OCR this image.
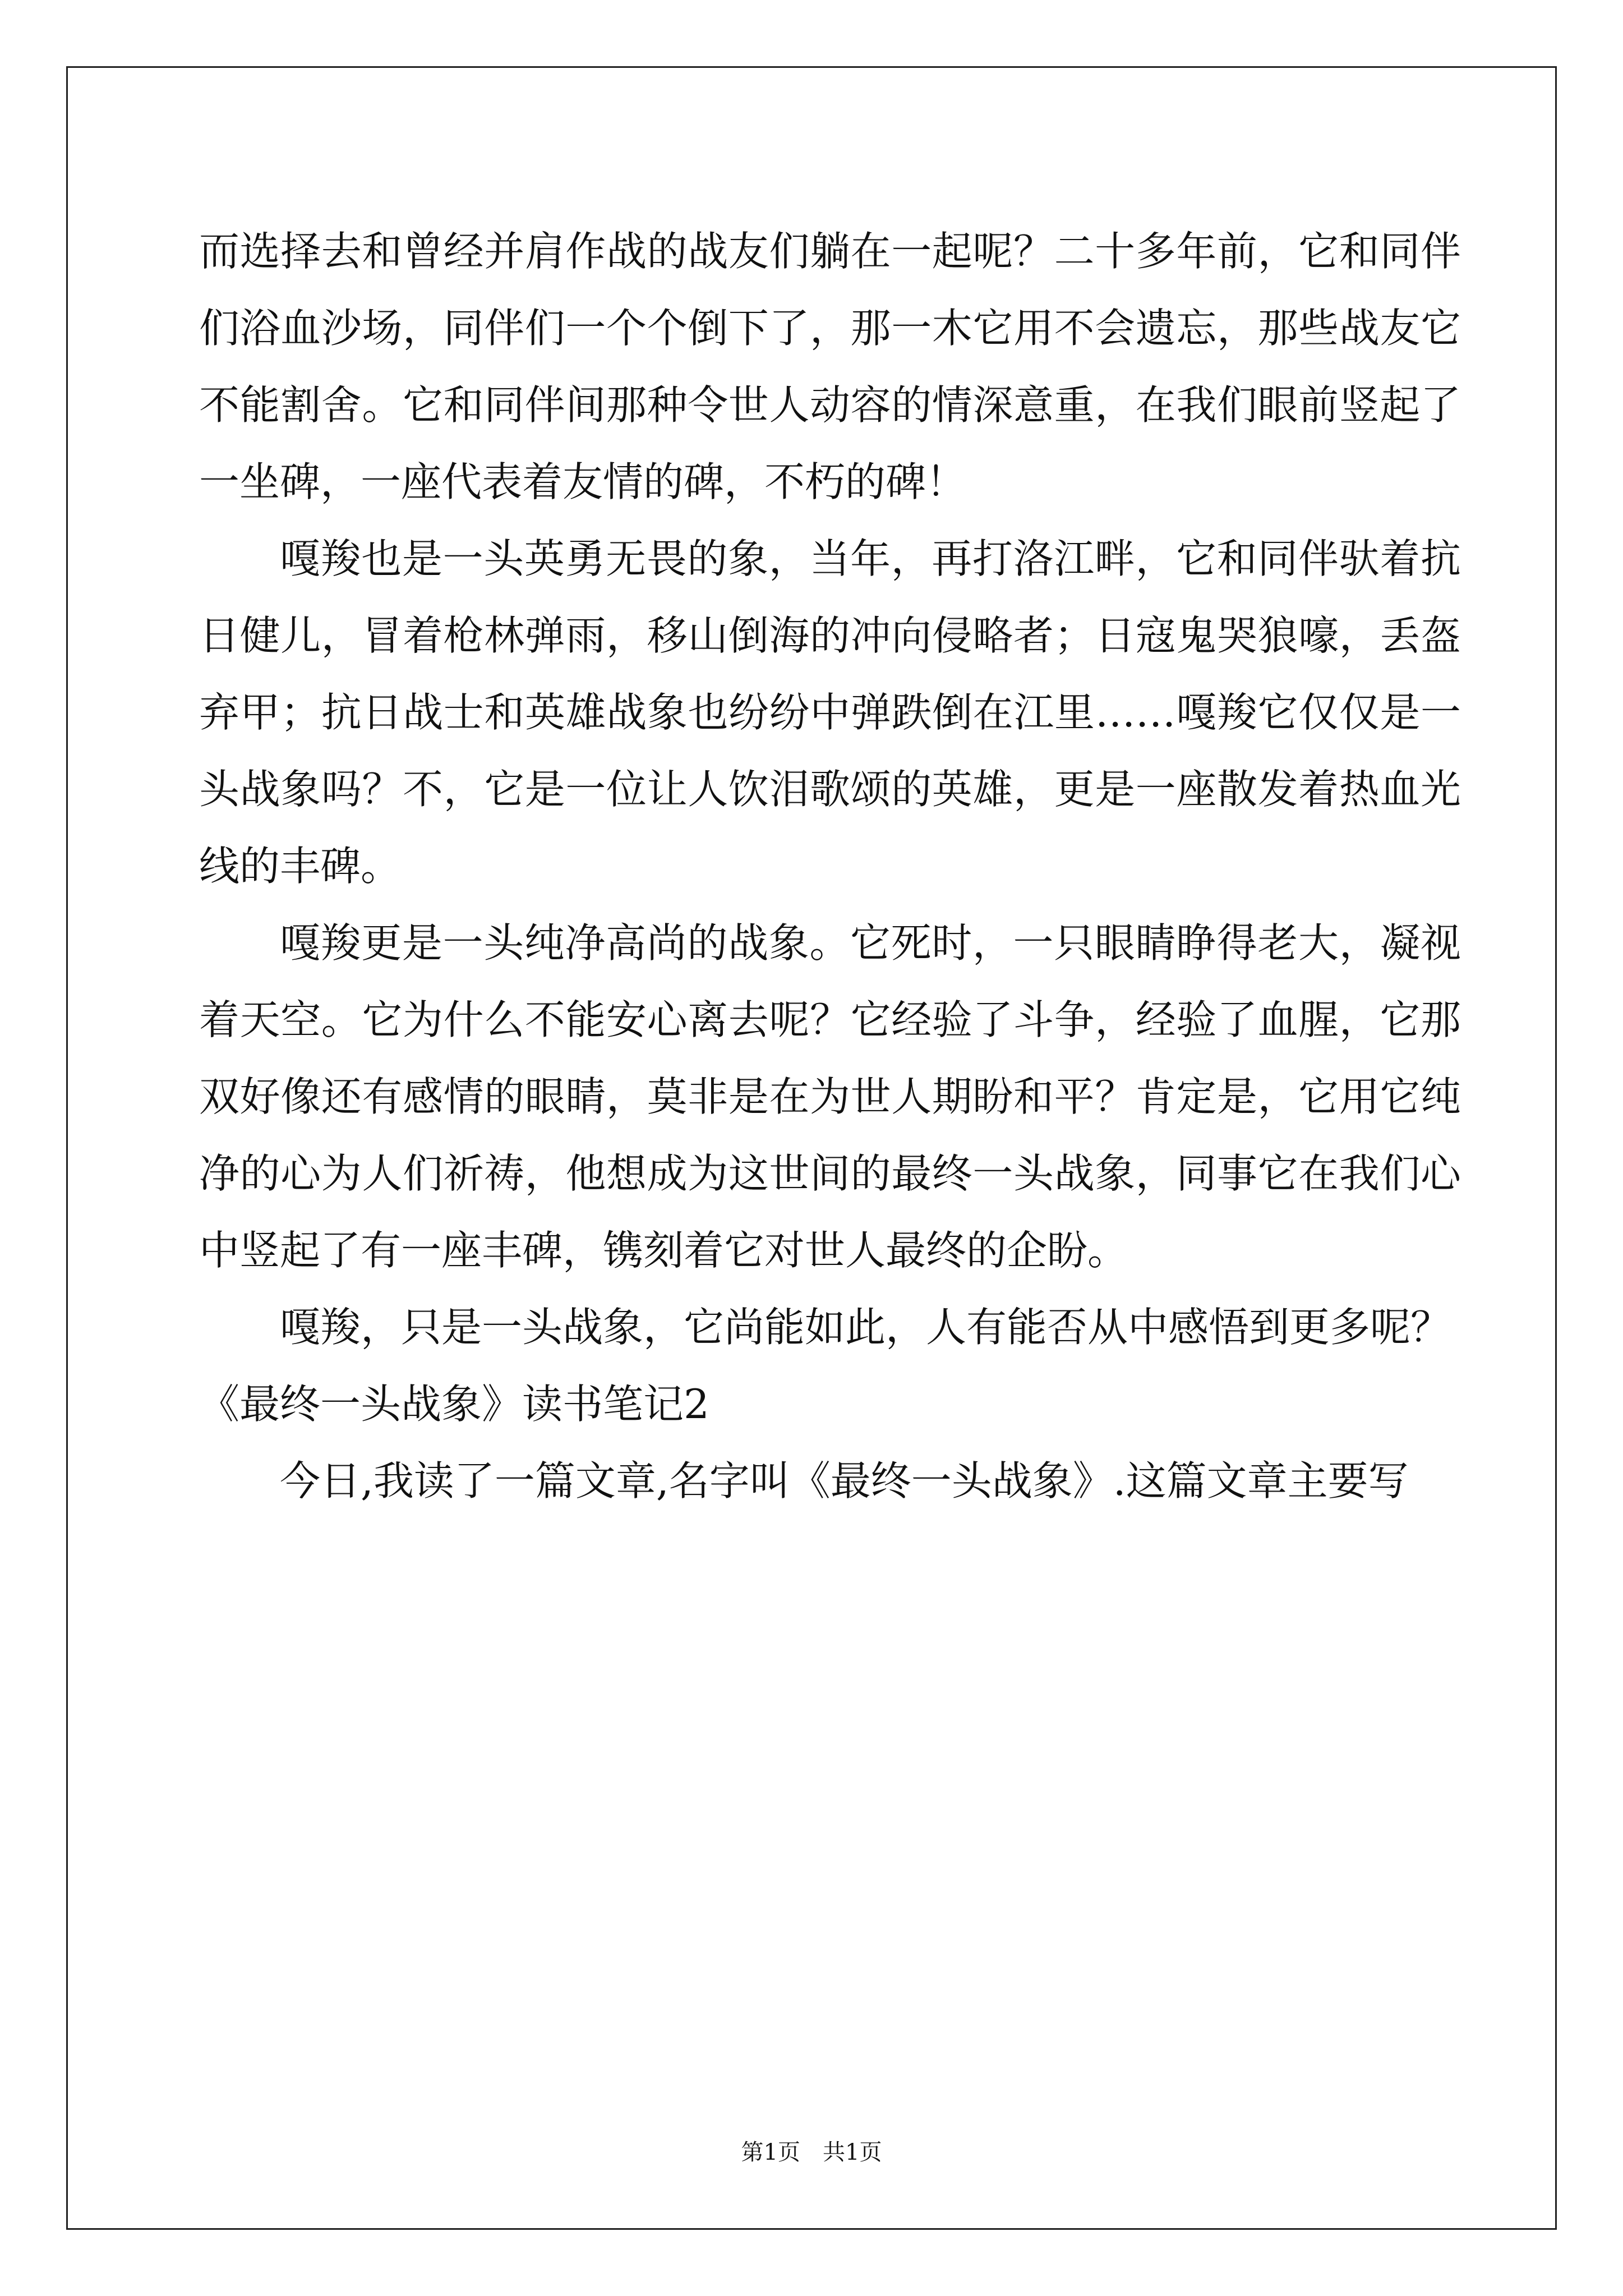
而选择去和曾经并肩作战的战友们躺在一起呢？二十多年前，它和同伴们浴血沙场，同伴们一个个倒下了，那一木它用不会遗忘，那些战友它不能割舍。它和同伴间那种令世人动容的情深意重，在我们眼前竖起了一坐碑，一座代表着友情的碑，不朽的碑！

嘎羧也是一头英勇无畏的象，当年，再打洛江畔，它和同伴驮着抗日健儿，冒着枪林弹雨，移山倒海的冲向侵略者；日寇鬼哭狼嚎，丢盔弃甲；抗日战士和英雄战象也纷纷中弹跌倒在江里……嘎羧它仅仅是一头战象吗？不，它是一位让人饮泪歌颂的英雄，更是一座散发着热血光线的丰碑。

嘎羧更是一头纯净高尚的战象。它死时，一只眼睛睁得老大，凝视着天空。它为什么不能安心离去呢？它经验了斗争，经验了血腥，它那双好像还有感情的眼睛，莫非是在为世人期盼和平？肯定是，它用它纯净的心为人们祈祷，他想成为这世间的最终一头战象，同事它在我们心中竖起了有一座丰碑，镌刻着它对世人最终的企盼。

嘎羧，只是一头战象，它尚能如此，人有能否从中感悟到更多呢？

《最终一头战象》读书笔记2

今日,我读了一篇文章,名字叫《最终一头战象》.这篇文章主要写

第1页　共1页
